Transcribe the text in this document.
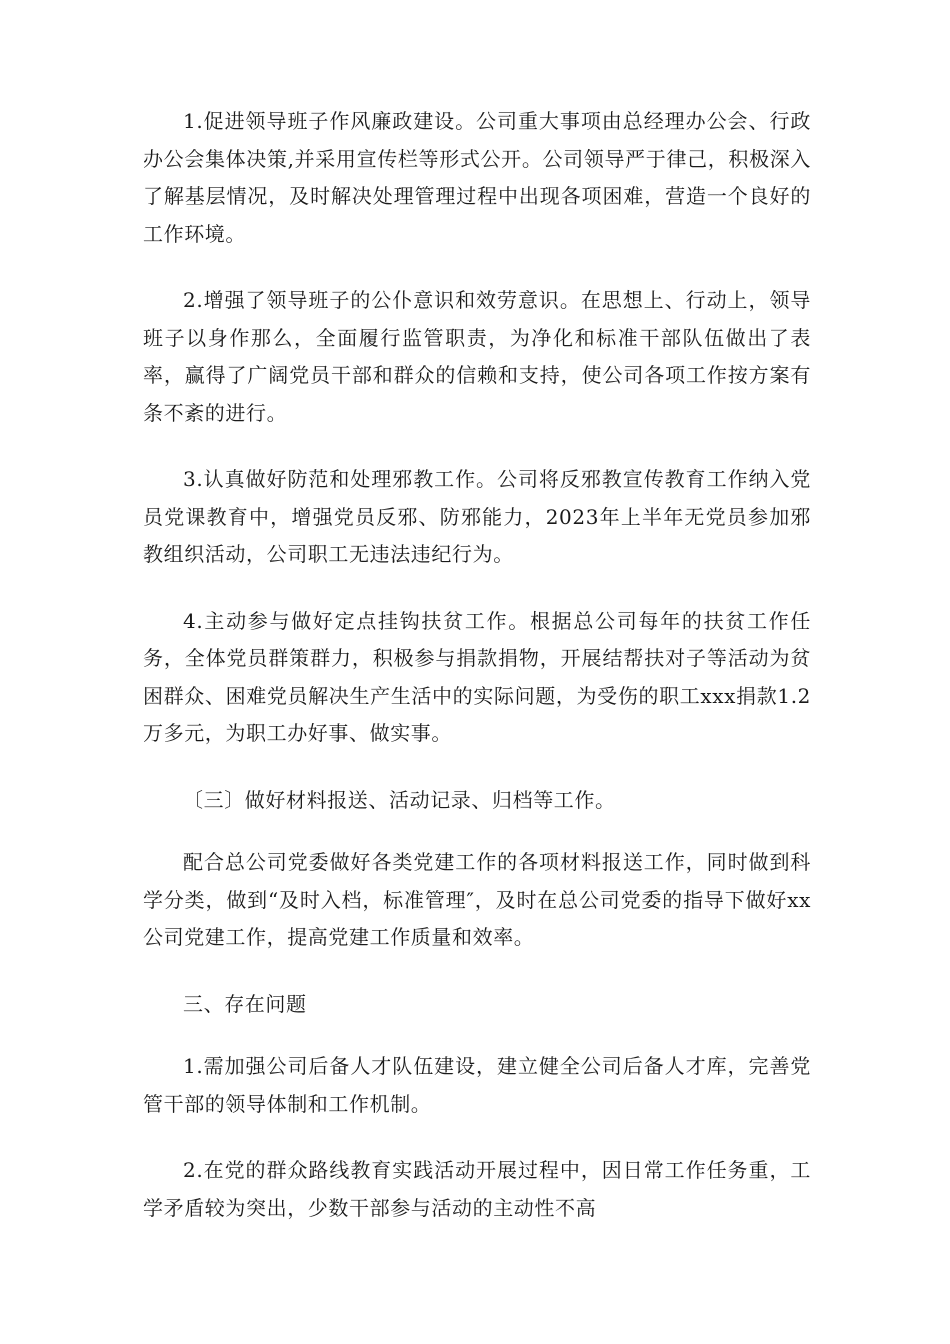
1.促进领导班子作风廉政建设。公司重大事项由总经理办公会、行政办公会集体决策,并采用宣传栏等形式公开。公司领导严于律己，积极深入了解基层情况，及时解决处理管理过程中出现各项困难，营造一个良好的工作环境。

2.增强了领导班子的公仆意识和效劳意识。在思想上、行动上，领导班子以身作那么，全面履行监管职责，为净化和标准干部队伍做出了表率，赢得了广阔党员干部和群众的信赖和支持，使公司各项工作按方案有条不紊的进行。

3.认真做好防范和处理邪教工作。公司将反邪教宣传教育工作纳入党员党课教育中，增强党员反邪、防邪能力，2023年上半年无党员参加邪教组织活动，公司职工无违法违纪行为。

4.主动参与做好定点挂钩扶贫工作。根据总公司每年的扶贫工作任务，全体党员群策群力，积极参与捐款捐物，开展结帮扶对子等活动为贫困群众、困难党员解决生产生活中的实际问题，为受伤的职工xxx捐款1.2万多元，为职工办好事、做实事。

〔三〕做好材料报送、活动记录、归档等工作。

配合总公司党委做好各类党建工作的各项材料报送工作，同时做到科学分类，做到“及时入档，标准管理″，及时在总公司党委的指导下做好xx公司党建工作，提高党建工作质量和效率。

三、存在问题

1.需加强公司后备人才队伍建设，建立健全公司后备人才库，完善党管干部的领导体制和工作机制。

2.在党的群众路线教育实践活动开展过程中，因日常工作任务重，工学矛盾较为突出，少数干部参与活动的主动性不高
